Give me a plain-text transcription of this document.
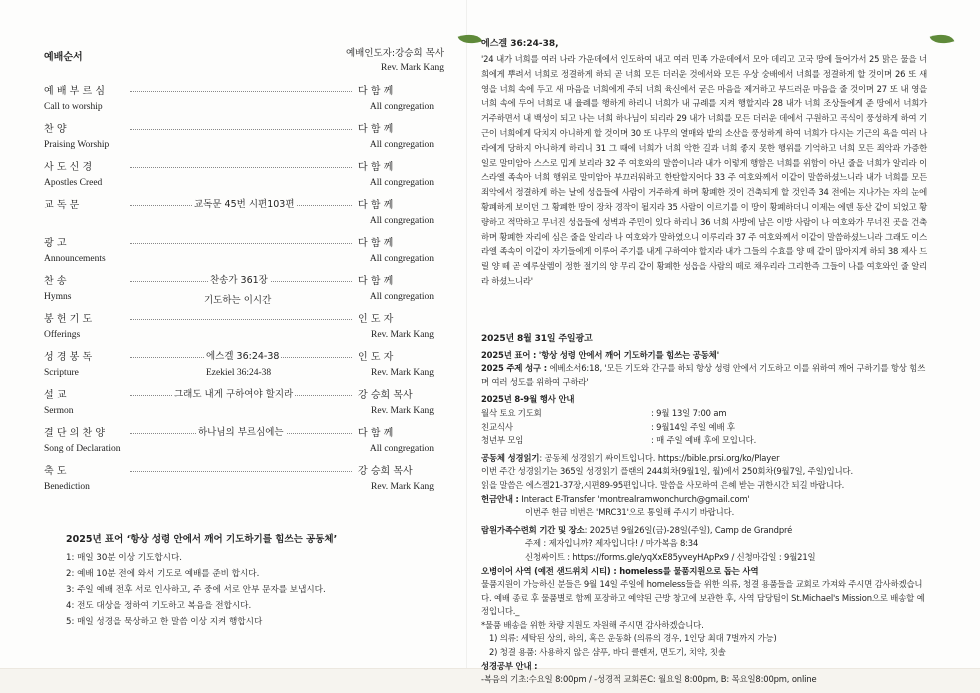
예배순서	예배인도자:강승희 목사
Rev. Mark Kang
예 배 부 르 심	다 함 께
Call to worship	All congregation
찬 양	다 함 께
Praising Worship	All congregation
사 도 신 경	다 함 께
Apostles Creed	All congregation
교 독 문	교독문 45번 시편103편	다 함 께
All congregation
광 고	다 함 께
Announcements	All congregation
찬 송	찬송가 361장	다 함 께
Hymns	기도하는 이시간	All congregation
봉 헌 기 도	인 도 자
Offerings	Rev. Mark Kang
성 경 봉 독	에스겔 36:24-38	인 도 자
Scripture	Ezekiel 36:24-38	Rev. Mark Kang
설 교	그래도 내게 구하여야 할지라	강 승희 목사
Sermon	Rev. Mark Kang
결 단 의 찬 양	하나님의 부르심에는	다 함 께
Song of Declaration	All congregation
축 도	강 승희 목사
Benediction	Rev. Mark Kang
2025년 표어 ‘항상 성령 안에서 깨어 기도하기를 힘쓰는 공동체’
1: 매일 30분 이상 기도합시다.
2: 예배 10분 전에 와서 기도로 예배를 준비 합시다.
3: 주일 예배 전후 서로 인사하고, 주 중에 서로 안부 문자를 보냅시다.
4: 전도 대상을 정하여 기도하고 복음을 전합시다.
5: 매일 성경을 묵상하고 한 말씀 이상 지켜 행합시다
에스겔 36:24-38,
'24 내가 너희를 여러 나라 가운데에서 인도하여 내고 여러 민족 가운데에서 모아 데리고 고국 땅에 들어가서 25 맑은 물을 너희에게 뿌려서 너희로 정결하게 하되 곧 너희 모든 더러운 것에서와 모든 우상 숭배에서 너희를 정결하게 할 것이며 26 또 새 영을 너희 속에 두고 새 마음을 너희에게 주되 너희 육신에서 굳은 마음을 제거하고 부드러운 마음을 줄 것이며 27 또 내 영을 너희 속에 두어 너희로 내 율례를 행하게 하리니 너희가 내 규례를 지켜 행할지라 28 내가 너희 조상들에게 준 땅에서 너희가 거주하면서 내 백성이 되고 나는 너희 하나님이 되리라 29 내가 너희를 모든 더러운 데에서 구원하고 곡식이 풍성하게 하여 기근이 너희에게 닥치지 아니하게 할 것이며 30 또 나무의 열매와 밭의 소산을 풍성하게 하여 너희가 다시는 기근의 욕을 여러 나라에게 당하지 아니하게 하리니 31 그 때에 너희가 너희 악한 길과 너희 좋지 못한 행위를 기억하고 너희 모든 죄악과 가증한 일로 말미암아 스스로 밉게 보리라 32 주 여호와의 말씀이니라 내가 이렇게 행함은 너희를 위함이 아닌 줄을 너희가 알리라 이스라엘 족속아 너희 행위로 말미암아 부끄러워하고 한탄할지어다 33 주 여호와께서 이같이 말씀하셨느니라 내가 너희를 모든 죄악에서 정결하게 하는 날에 성읍들에 사람이 거주하게 하며 황폐한 것이 건축되게 할 것인즉 34 전에는 지나가는 자의 눈에 황폐하게 보이던 그 황폐한 땅이 장차 경작이 될지라 35 사람이 이르기를 이 땅이 황폐하더니 이제는 에덴 동산 같이 되었고 황량하고 적막하고 무너진 성읍들에 성벽과 주민이 있다 하리니 36 너희 사방에 남은 이방 사람이 나 여호와가 무너진 곳을 건축하며 황폐한 자리에 심은 줄을 알리라 나 여호와가 말하였으니 이루리라 37 주 여호와께서 이같이 말씀하셨느니라 그래도 이스라엘 족속이 이같이 자기들에게 이루어 주기를 내게 구하여야 할지라 내가 그들의 수효를 양 떼 같이 많아지게 하되 38 제사 드릴 양 떼 곧 예루살렘이 정한 절기의 양 무리 같이 황폐한 성읍을 사람의 떼로 채우리라 그리한즉 그들이 나를 여호와인 줄 알리라 하셨느니라'
2025년 8월 31일 주일광고
2025년 표어 : '항상 성령 안에서 깨어 기도하기를 힘쓰는 공동체'
2025 주제 성구 : 에베소서6:18, '모든 기도와 간구를 하되 항상 성령 안에서 기도하고 이를 위하여 깨어 구하기를 항상 힘쓰며 여러 성도를 위하여 구하라'
2025년 8-9월 행사 안내
월삭 토요 기도회	: 9월 13일 7:00 am
친교식사	: 9월14일 주일 예배 후
청년부 모임	: 매 주일 예배 후에 모입니다.
공동체 성경읽기: 공동체 성경읽기 싸이트입니다. https://bible.prsi.org/ko/Player
이번 주간 성경읽기는 365일 성경읽기 플랜의 244회차(9월1일, 월)에서 250회차(9월7일, 주일)입니다.
읽을 말씀은 에스겔21-37장,시편89-95편입니다. 말씀을 사모하여 은혜 받는 귀한시간 되길 바랍니다.
헌금안내 : Interact E-Transfer 'montrealramwonchurch@gmail.com'
이번주 헌금 비번은 'MRC31'으로 통일해 주시기 바랍니다.
람원가족수련회 기간 및 장소: 2025년 9월26일(금)-28일(주일), Camp de Grandpré
주제 : 제자입니까? 제자입니다! / 마가복음 8:34
신청싸이트 : https://forms.gle/yqXxE85yveyHApPx9 / 신청마감일 : 9월21일
오병이어 사역 (예전 샌드위치 시티) : homeless를 물품지원으로 돕는 사역
물품지원이 가능하신 분들은 9월 14일 주일에 homeless들을 위한 의류, 청결 용품들을 교회로 가져와 주시면 감사하겠습니다. 예배 종료 후 물품별로 함께 포장하고 예약된 근방 창고에 보관한 후, 사역 담당팀이 St.Michael's Mission으로 배송할 예정입니다._
*물품 배송을 위한 차량 지원도 자원해 주시면 감사하겠습니다.
1) 의류: 세탁된 상의, 하의, 혹은 운동화 (의류의 경우, 1인당 최대 7벌까지 가능)
2) 청결 용품: 사용하지 않은 샴푸, 바디 클렌저, 면도기, 치약, 칫솔
성경공부 안내 :
-복음의 기초:수요일 8:00pm / -성경적 교회론C: 월요일 8:00pm, B: 목요일8:00pm, online
